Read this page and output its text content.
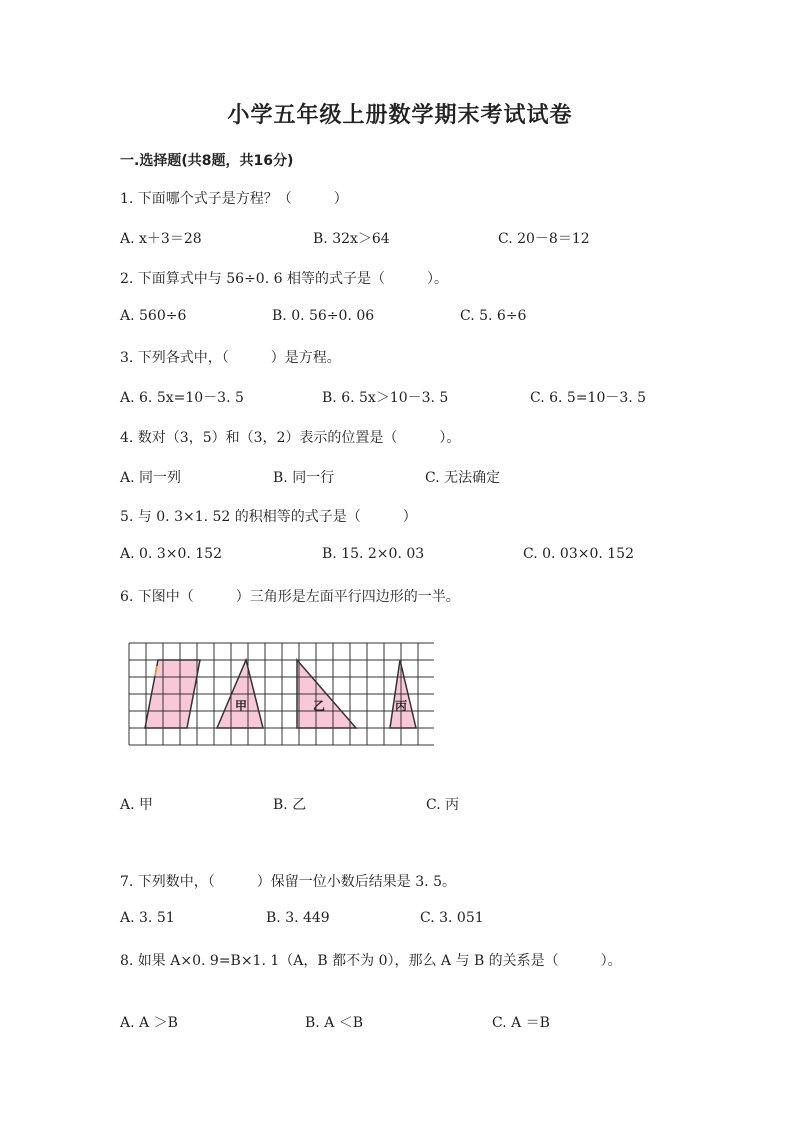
小学五年级上册数学期末考试试卷
一.选择题(共8题，共16分)
1. 下面哪个式子是方程？（　　　）
A. x＋3＝28	B. 32x＞64	C. 20－8＝12
2. 下面算式中与 56÷0. 6 相等的式子是（　　　）。
A. 560÷6	B. 0. 56÷0. 06	C. 5. 6÷6
3. 下列各式中，（　　　）是方程。
A. 6. 5x=10－3. 5	B. 6. 5x＞10－3. 5	C. 6. 5=10－3. 5
4. 数对（3，5）和（3，2）表示的位置是（　　　）。
A. 同一列	B. 同一行	C. 无法确定
5. 与 0. 3×1. 52 的积相等的式子是（　　　）
A. 0. 3×0. 152	B. 15. 2×0. 03	C. 0. 03×0. 152
6. 下图中（　　　）三角形是左面平行四边形的一半。
甲	乙	丙
A. 甲	B. 乙	C. 丙
7. 下列数中，（　　　）保留一位小数后结果是 3. 5。
A. 3. 51	B. 3. 449	C. 3. 051
8. 如果 A×0. 9=B×1. 1（A，B 都不为 0），那么 A 与 B 的关系是（　　　）。
A. A ＞B	B. A ＜B	C. A ＝B
